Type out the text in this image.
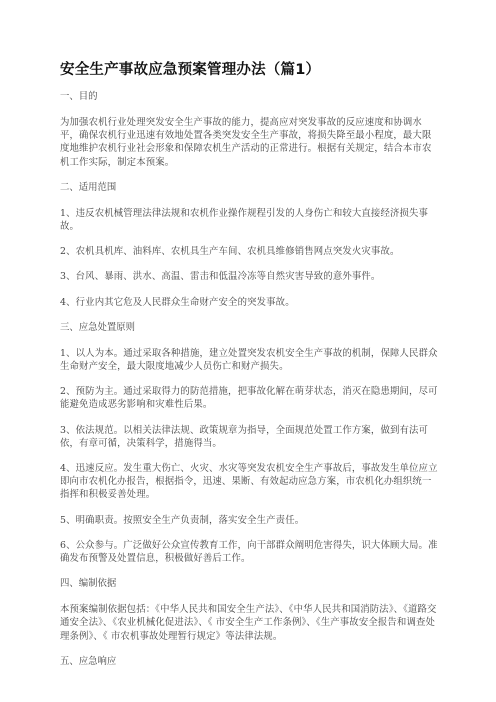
安全生产事故应急预案管理办法（篇1）
一、目的
为加强农机行业处理突发安全生产事故的能力，提高应对突发事故的反应速度和协调水平，确保农机行业迅速有效地处置各类突发安全生产事故，将损失降至最小程度，最大限度地维护农机行业社会形象和保障农机生产活动的正常进行。根据有关规定，结合本市农机工作实际，制定本预案。
二、适用范围
1、违反农机械管理法律法规和农机作业操作规程引发的人身伤亡和较大直接经济损失事故。
2、农机具机库、油料库、农机具生产车间、农机具维修销售网点突发火灾事故。
3、台风、暴雨、洪水、高温、雷击和低温冷冻等自然灾害导致的意外事件。
4、行业内其它危及人民群众生命财产安全的突发事故。
三、应急处置原则
1、以人为本。通过采取各种措施，建立处置突发农机安全生产事故的机制，保障人民群众生命财产安全，最大限度地减少人员伤亡和财产损失。
2、预防为主。通过采取得力的防范措施，把事故化解在萌芽状态，消灭在隐患期间，尽可能避免造成恶劣影响和灾难性后果。
3、依法规范。以相关法律法规、政策规章为指导，全面规范处置工作方案，做到有法可依，有章可循，决策科学，措施得当。
4、迅速反应。发生重大伤亡、火灾、水灾等突发农机安全生产事故后，事故发生单位应立即向市农机化办报告，根据指令，迅速、果断、有效起动应急方案，市农机化办组织统一指挥和积极妥善处理。
5、明确职责。按照安全生产负责制，落实安全生产责任。
6、公众参与。广泛做好公众宣传教育工作，向干部群众阐明危害得失，识大体顾大局。准确发布预警及处置信息，积极做好善后工作。
四、编制依据
本预案编制依据包括：《中华人民共和国安全生产法》、《中华人民共和国消防法》、《道路交通安全法》、《农业机械化促进法》、《 市安全生产工作条例》、《生产事故安全报告和调查处理条例》、《 市农机事故处理暂行规定》等法律法规。
五、应急响应
